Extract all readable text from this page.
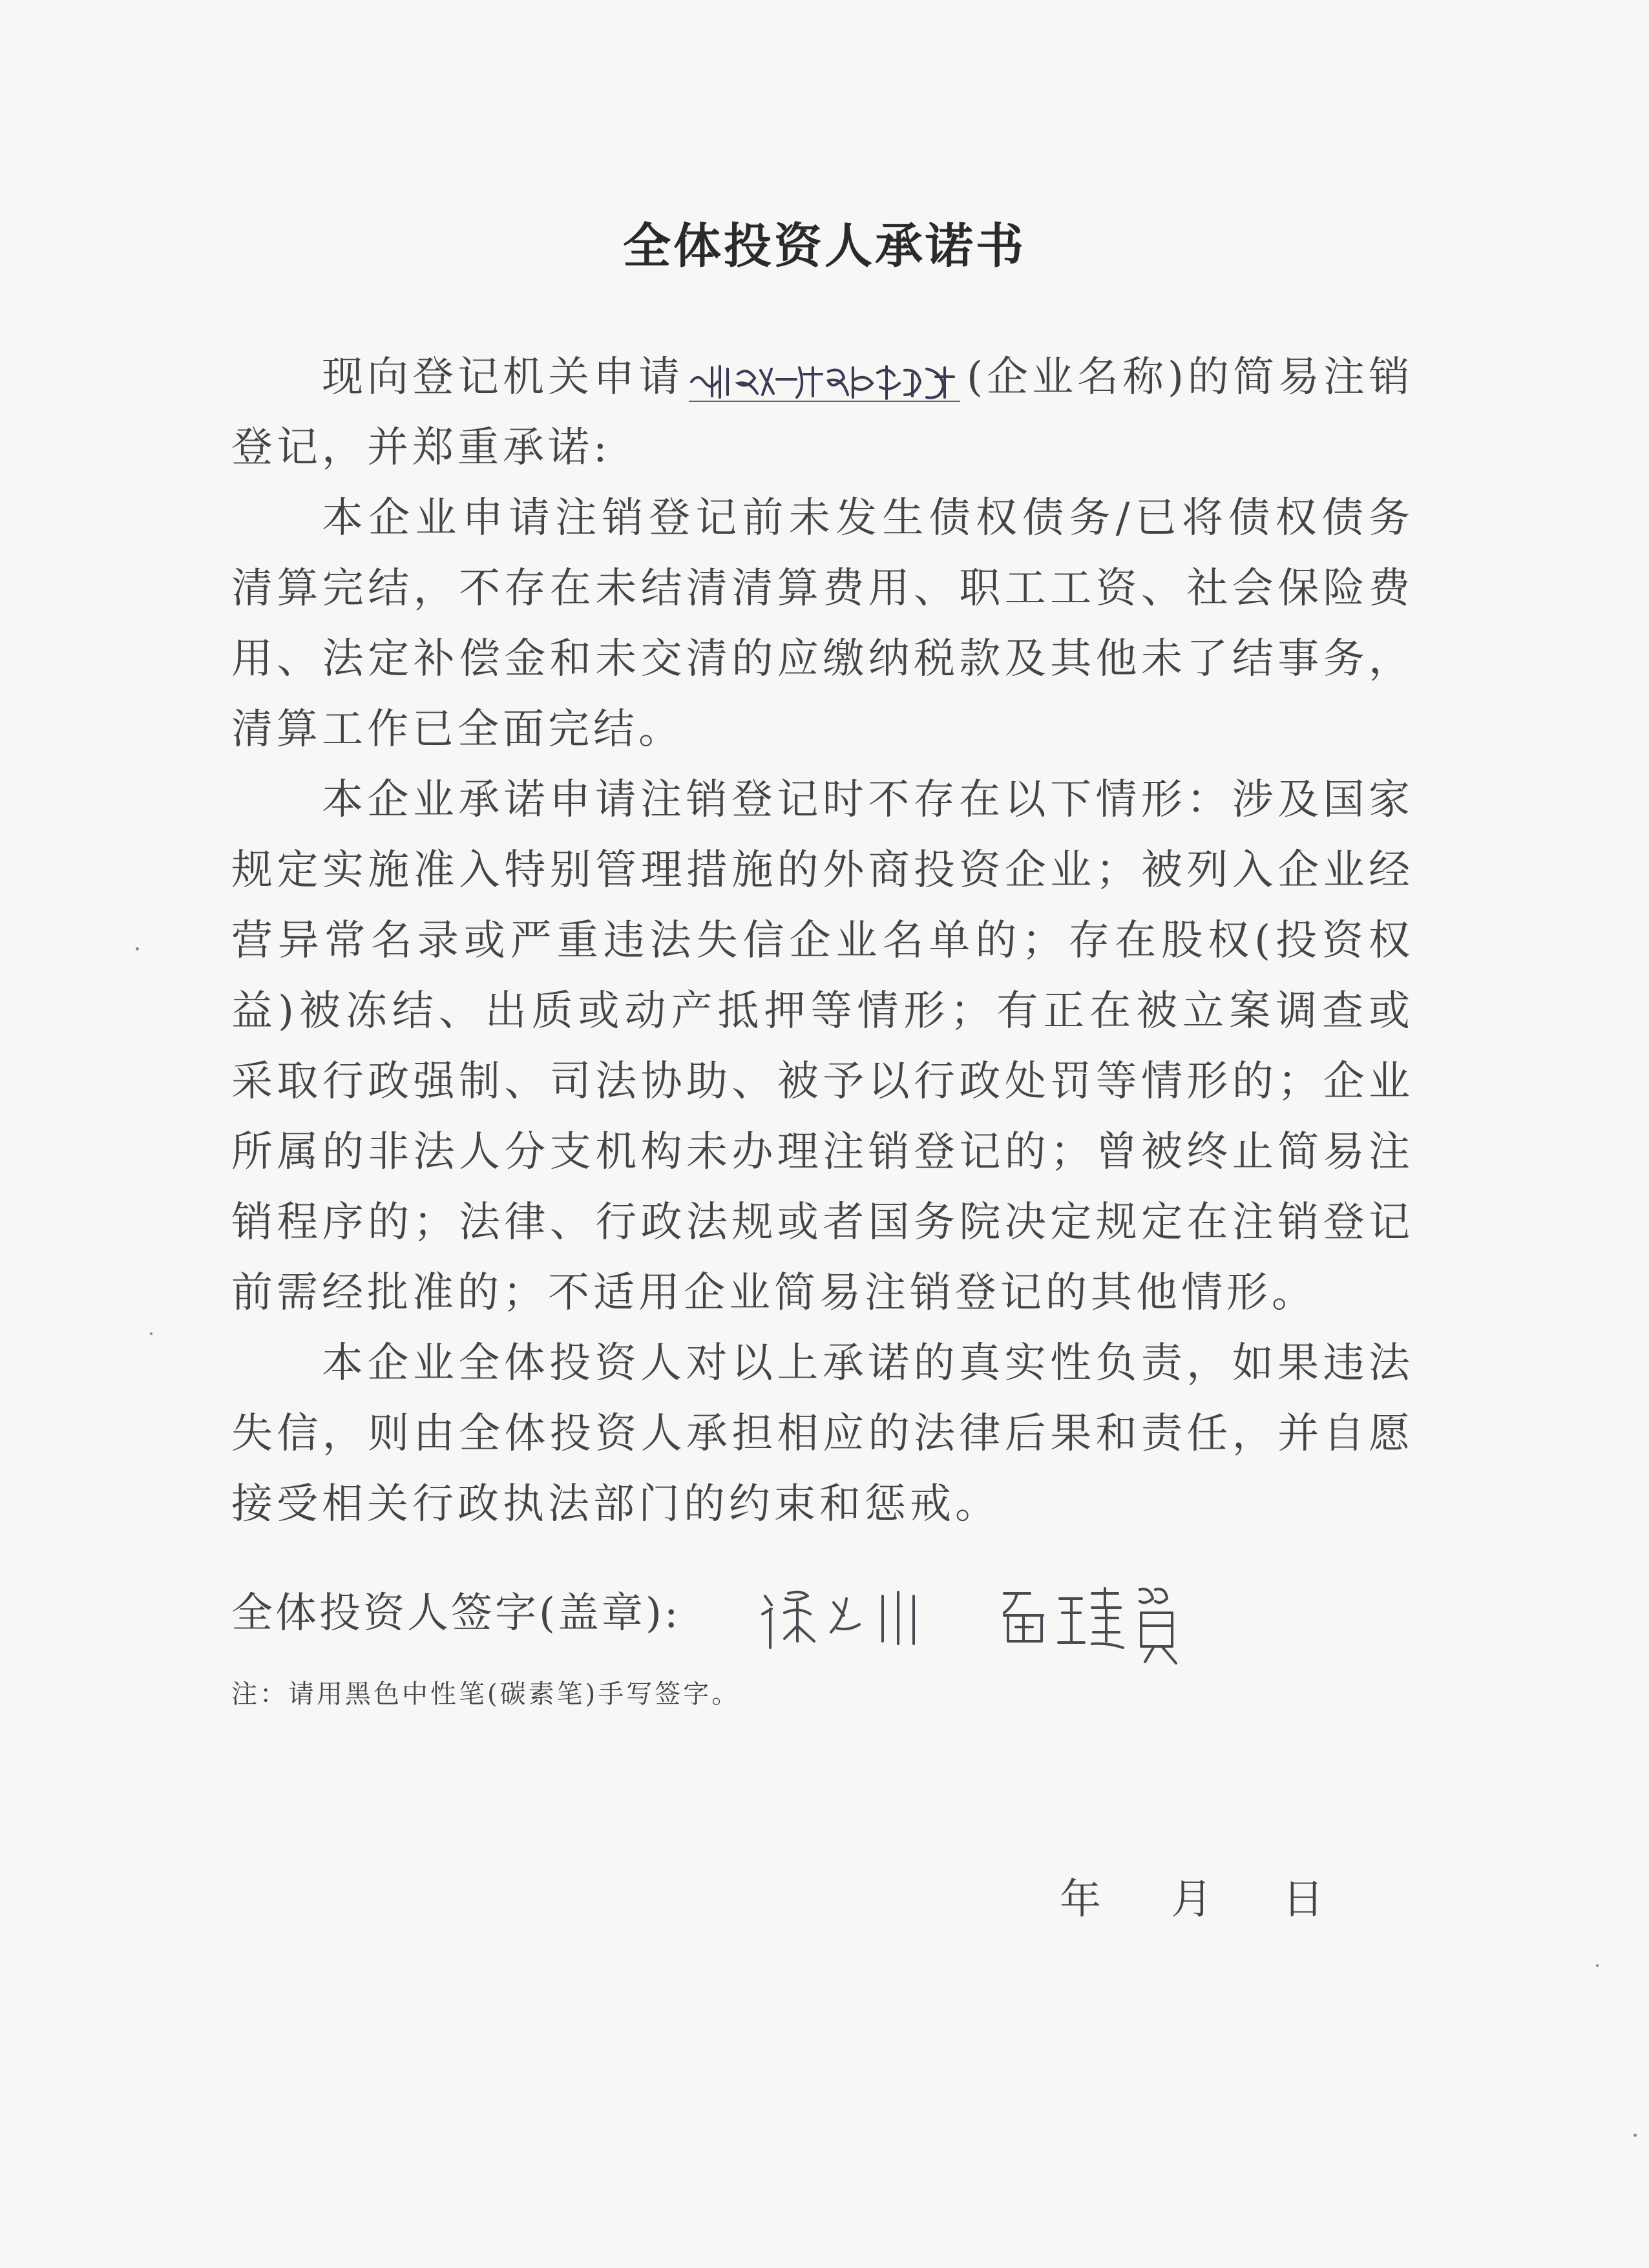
全体投资人承诺书

现向登记机关申请	云南川兴驾驶培训有限公司	(企业名称)的简易注销登记，并郑重承诺:

本企业申请注销登记前未发生债权债务/已将债权债务清算完结，不存在未结清清算费用、职工工资、社会保险费用、法定补偿金和未交清的应缴纳税款及其他未了结事务，清算工作已全面完结。

本企业承诺申请注销登记时不存在以下情形：涉及国家规定实施准入特别管理措施的外商投资企业；被列入企业经营异常名录或严重违法失信企业名单的；存在股权(投资权益)被冻结、出质或动产抵押等情形；有正在被立案调查或采取行政强制、司法协助、被予以行政处罚等情形的；企业所属的非法人分支机构未办理注销登记的；曾被终止简易注销程序的；法律、行政法规或者国务院决定规定在注销登记前需经批准的；不适用企业简易注销登记的其他情形。

本企业全体投资人对以上承诺的真实性负责，如果违法失信，则由全体投资人承担相应的法律后果和责任，并自愿接受相关行政执法部门的约束和惩戒。

全体投资人签字(盖章):
徐云川	孟瑾贤
注：请用黑色中性笔(碳素笔)手写签字。
年 月 日
